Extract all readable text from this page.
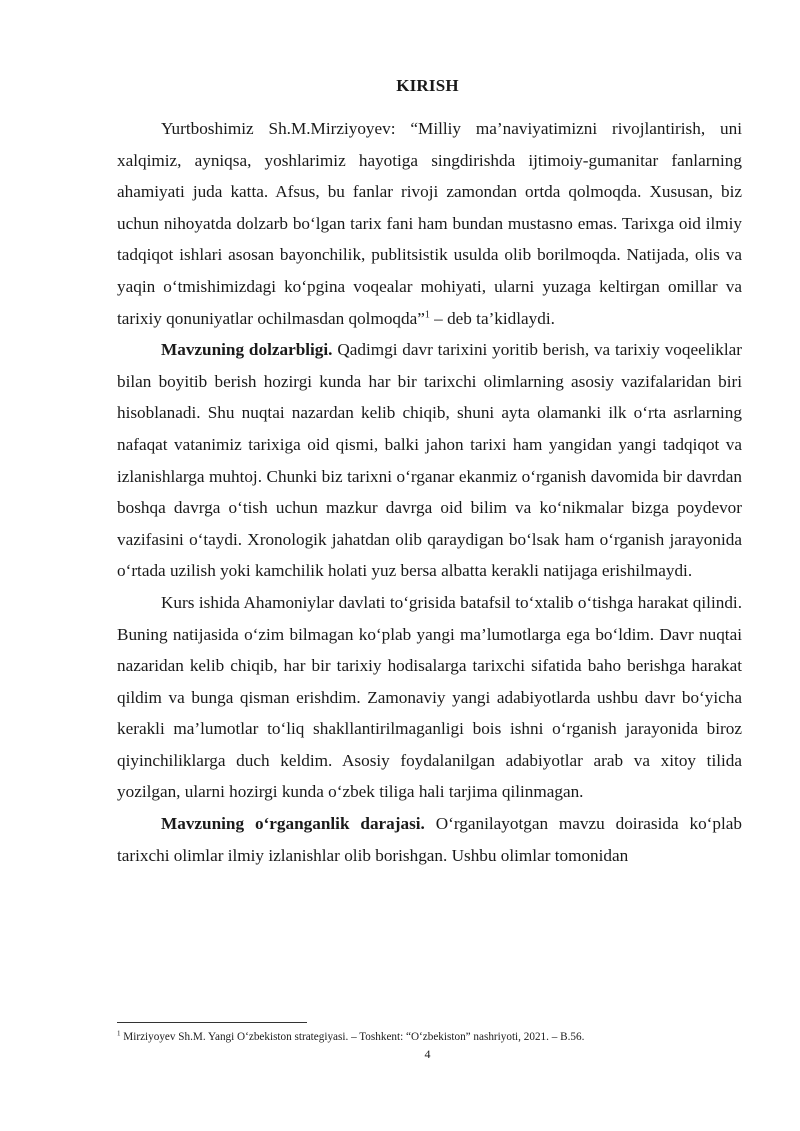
KIRISH

Yurtboshimiz Sh.M.Mirziyoyev: “Milliy ma’naviyatimizni rivojlantirish, uni xalqimiz, ayniqsa, yoshlarimiz hayotiga singdirishda ijtimoiy-gumanitar fanlarning ahamiyati juda katta. Afsus, bu fanlar rivoji zamondan ortda qolmoqda. Xususan, biz uchun nihoyatda dolzarb bo‘lgan tarix fani ham bundan mustasno emas. Tarixga oid ilmiy tadqiqot ishlari asosan bayonchilik, publitsistik usulda olib borilmoqda. Natijada, olis va yaqin o‘tmishimizdagi ko‘pgina voqealar mohiyati, ularni yuzaga keltirgan omillar va tarixiy qonuniyatlar ochilmasdan qolmoqda”$^1$ – deb ta’kidlaydi.

Mavzuning dolzarbligi. Qadimgi davr tarixini yoritib berish, va tarixiy voqeeliklar bilan boyitib berish hozirgi kunda har bir tarixchi olimlarning asosiy vazifalaridan biri hisoblanadi. Shu nuqtai nazardan kelib chiqib, shuni ayta olamanki ilk o‘rta asrlarning nafaqat vatanimiz tarixiga oid qismi, balki jahon tarixi ham yangidan yangi tadqiqot va izlanishlarga muhtoj. Chunki biz tarixni o‘rganar ekanmiz o‘rganish davomida bir davrdan boshqa davrga o‘tish uchun mazkur davrga oid bilim va ko‘nikmalar bizga poydevor vazifasini o‘taydi. Xronologik jahatdan olib qaraydigan bo‘lsak ham o‘rganish jarayonida o‘rtada uzilish yoki kamchilik holati yuz bersa albatta kerakli natijaga erishilmaydi.

Kurs ishida Ahamoniylar davlati to‘grisida batafsil to‘xtalib o‘tishga harakat qilindi. Buning natijasida o‘zim bilmagan ko‘plab yangi ma’lumotlarga ega bo‘ldim. Davr nuqtai nazaridan kelib chiqib, har bir tarixiy hodisalarga tarixchi sifatida baho berishga harakat qildim va bunga qisman erishdim. Zamonaviy yangi adabiyotlarda ushbu davr bo‘yicha kerakli ma’lumotlar to‘liq shakllantirilmaganligi bois ishni o‘rganish jarayonida biroz qiyinchiliklarga duch keldim. Asosiy foydalanilgan adabiyotlar arab va xitoy tilida yozilgan, ularni hozirgi kunda o‘zbek tiliga hali tarjima qilinmagan.

Mavzuning o‘rganganlik darajasi. O‘rganilayotgan mavzu doirasida ko‘plab tarixchi olimlar ilmiy izlanishlar olib borishgan. Ushbu olimlar tomonidan

$^1$ Mirziyoyev Sh.M. Yangi O‘zbekiston strategiyasi. – Toshkent: “O‘zbekiston” nashriyoti, 2021. – B.56.
4
